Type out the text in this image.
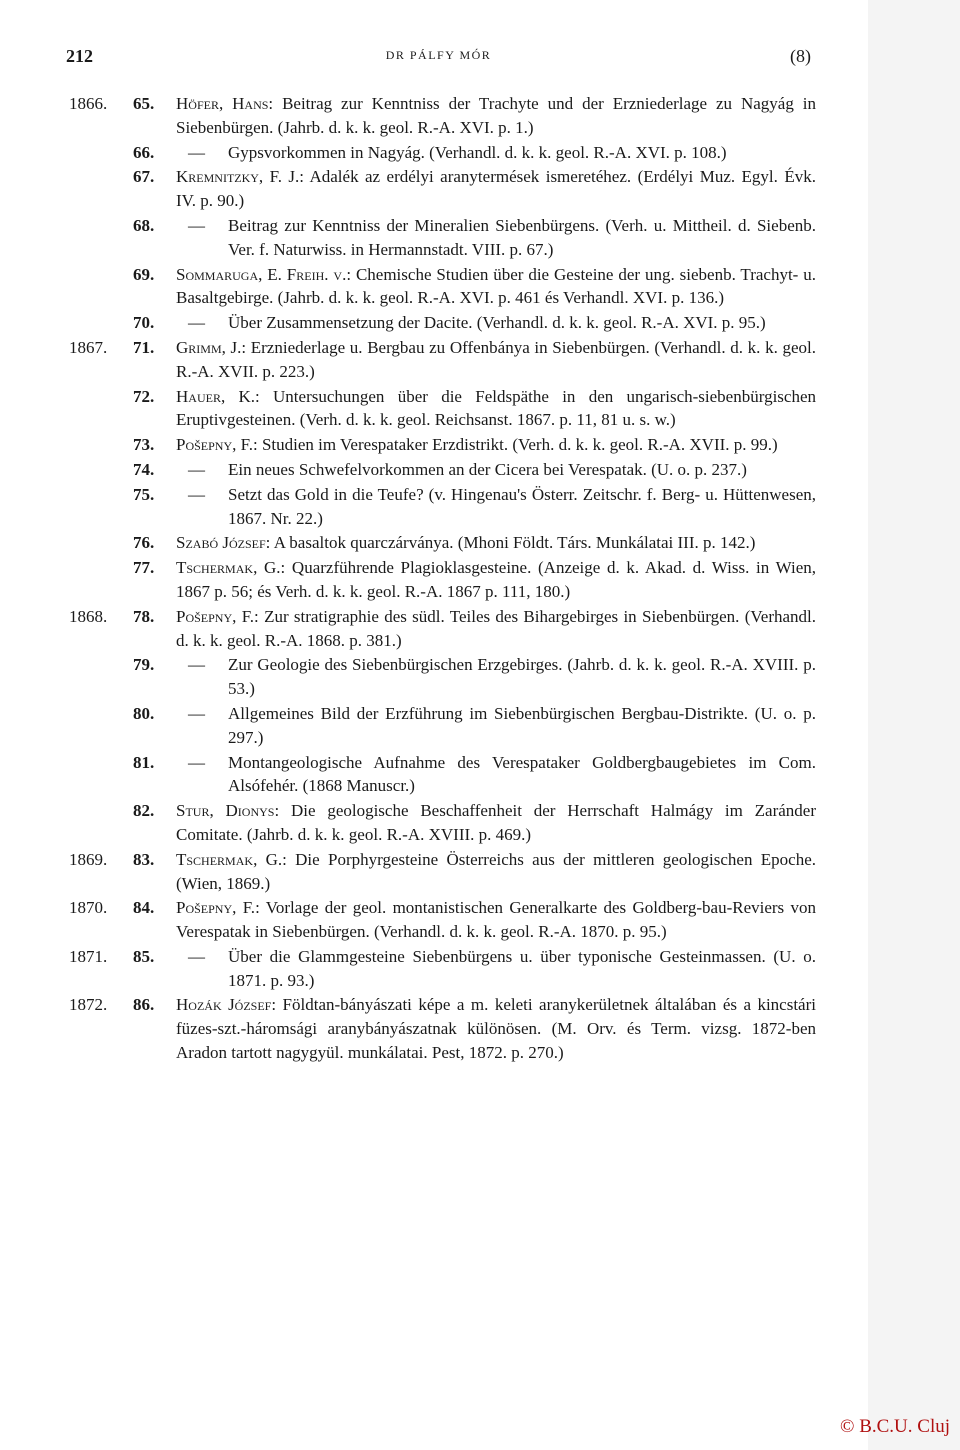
212	DR PÁLFY MÓR	(8)
1866.	65.	Höfer, Hans: Beitrag zur Kenntniss der Trachyte und der Erzniederlage zu Nagyág in Siebenbürgen. (Jahrb. d. k. k. geol. R.-A. XVI. p. 1.)
66.	— Gypsvorkommen in Nagyág. (Verhandl. d. k. k. geol. R.-A. XVI. p. 108.)
67.	Kremnitzky, F. J.: Adalék az erdélyi aranytermések ismeretéhez. (Erdélyi Muz. Egyl. Évk. IV. p. 90.)
68.	— Beitrag zur Kenntniss der Mineralien Siebenbürgens. (Verh. u. Mittheil. d. Siebenb. Ver. f. Naturwiss. in Hermannstadt. VIII. p. 67.)
69.	Sommaruga, E. Freih. v.: Chemische Studien über die Gesteine der ung. siebenb. Trachyt- u. Basaltgebirge. (Jahrb. d. k. k. geol. R.-A. XVI. p. 461 és Verhandl. XVI. p. 136.)
70.	— Über Zusammensetzung der Dacite. (Verhandl. d. k. k. geol. R.-A. XVI. p. 95.)
1867.	71.	Grimm, J.: Erzniederlage u. Bergbau zu Offenbánya in Siebenbürgen. (Verhandl. d. k. k. geol. R.-A. XVII. p. 223.)
72.	Hauer, K.: Untersuchungen über die Feldspäthe in den ungarisch-siebenbürgischen Eruptivgesteinen. (Verh. d. k. k. geol. Reichsanst. 1867. p. 11, 81 u. s. w.)
73.	Pošepny, F.: Studien im Verespataker Erzdistrikt. (Verh. d. k. k. geol. R.-A. XVII. p. 99.)
74.	— Ein neues Schwefelvorkommen an der Cicera bei Verespatak. (U. o. p. 237.)
75.	— Setzt das Gold in die Teufe? (v. Hingenau's Österr. Zeitschr. f. Berg- u. Hüttenwesen, 1867. Nr. 22.)
76.	Szabó József: A basaltok quarczárványa. (Mhoni Földt. Társ. Munkálatai III. p. 142.)
77.	Tschermak, G.: Quarzführende Plagioklasgesteine. (Anzeige d. k. Akad. d. Wiss. in Wien, 1867 p. 56; és Verh. d. k. k. geol. R.-A. 1867 p. 111, 180.)
1868.	78.	Pošepny, F.: Zur stratigraphie des südl. Teiles des Bihargebirges in Siebenbürgen. (Verhandl. d. k. k. geol. R.-A. 1868. p. 381.)
79.	— Zur Geologie des Siebenbürgischen Erzgebirges. (Jahrb. d. k. k. geol. R.-A. XVIII. p. 53.)
80.	— Allgemeines Bild der Erzführung im Siebenbürgischen Bergbau-Distrikte. (U. o. p. 297.)
81.	— Montangeologische Aufnahme des Verespataker Goldbergbaugebietes im Com. Alsófehér. (1868 Manuscr.)
82.	Stur, Dionys: Die geologische Beschaffenheit der Herrschaft Halmágy im Zaránder Comitate. (Jahrb. d. k. k. geol. R.-A. XVIII. p. 469.)
1869.	83.	Tschermak, G.: Die Porphyrgesteine Österreichs aus der mittleren geologischen Epoche. (Wien, 1869.)
1870.	84.	Pošepny, F.: Vorlage der geol. montanistischen Generalkarte des Goldberg-bau-Reviers von Verespatak in Siebenbürgen. (Verhandl. d. k. k. geol. R.-A. 1870. p. 95.)
1871.	85.	— Über die Glammgesteine Siebenbürgens u. über typonische Gesteinmassen. (U. o. 1871. p. 93.)
1872.	86.	Hozák József: Földtan-bányászati képe a m. keleti aranykerületnek általában és a kincstári füzes-szt.-háromsági aranybányászatnak különösen. (M. Orv. és Term. vizsg. 1872-ben Aradon tartott nagygyül. munkálatai. Pest, 1872. p. 270.)
© B.C.U. Cluj
